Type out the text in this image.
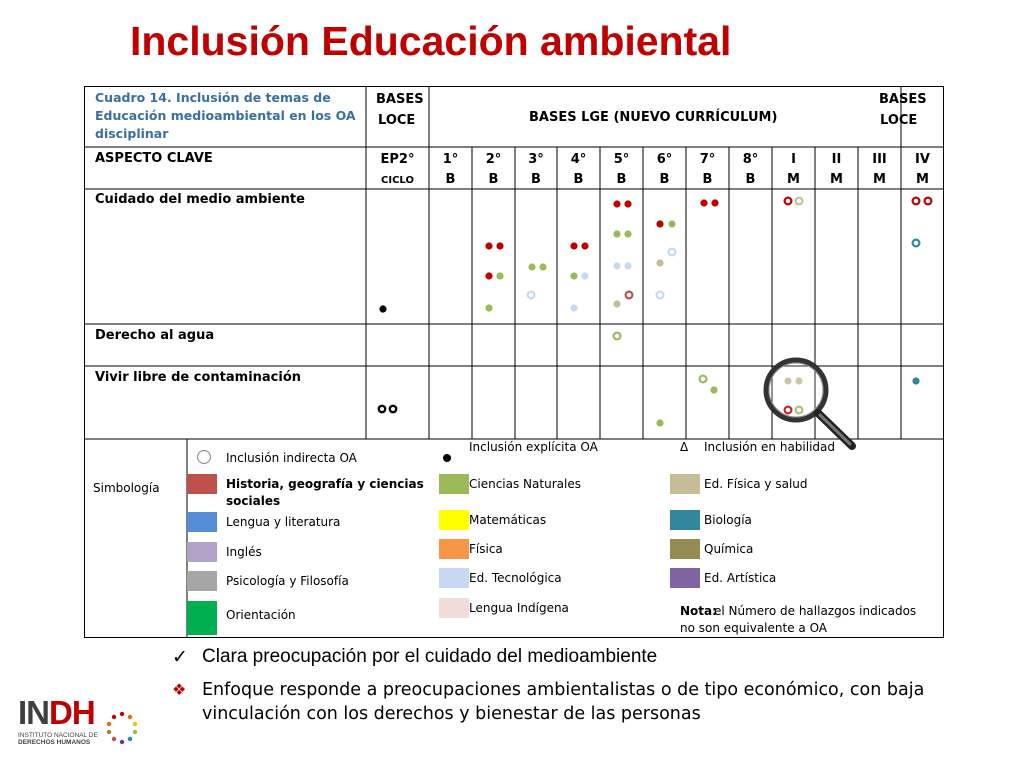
Inclusión Educación ambiental
Cuadro 14. Inclusión de temas de
Educación medioambiental en los OA
disciplinar
BASES
LOCE	BASES LGE (NUEVO CURRÍCULUM)
BASES
LOCE
ASPECTO CLAVE
Cuidado del medio ambiente
Derecho al agua
Vivir libre de contaminación
EP2°
CICLO
1°
B
2°
B
3°
B
4°
B
5°
B
6°
B
7°
B
8°
B
I
M
II
M
III
M
IV
M
Simbología
Inclusión indirecta OA
Inclusión explícita OA	Δ Inclusión en habilidad
Historia, geografía y ciencias
sociales
Lengua y literatura
Inglés
Psicología y Filosofía
Orientación
Ciencias Naturales
Matemáticas
Física
Ed. Tecnológica
Lengua Indígena
Ed. Física y salud
Biología
Química
Ed. Artística
Nota:
el Número de hallazgos indicados
no son equivalente a OA
✓ Clara preocupación por el cuidado del medioambiente
❖ Enfoque responde a preocupaciones ambientalistas o de tipo económico, con baja vinculación con los derechos y bienestar de las personas
INDH
INSTITUTO NACIONAL DE
DERECHOS HUMANOS
